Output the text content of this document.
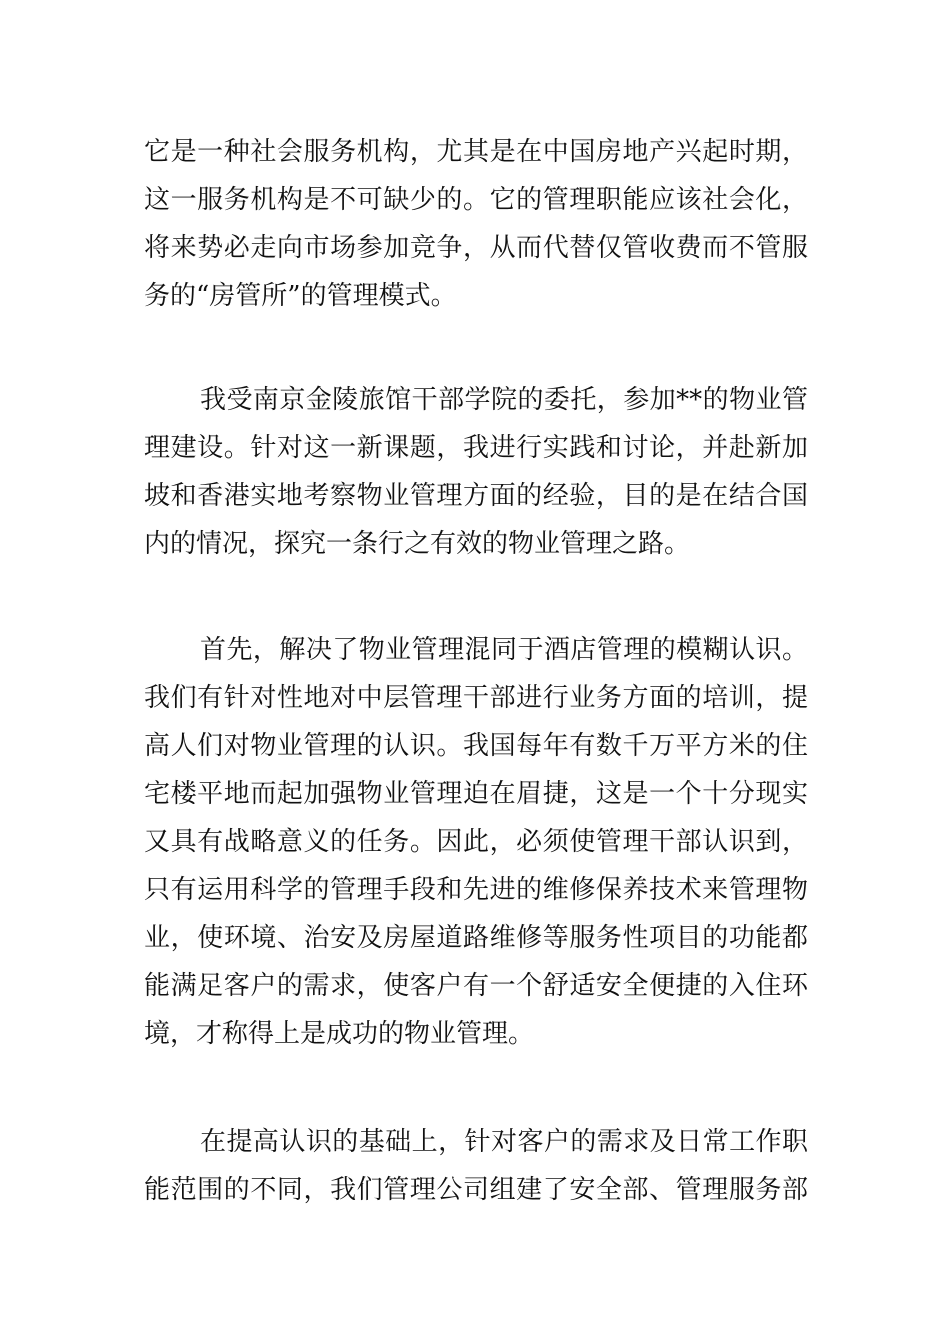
它是一种社会服务机构，尤其是在中国房地产兴起时期，
这一服务机构是不可缺少的。它的管理职能应该社会化，
将来势必走向市场参加竞争，从而代替仅管收费而不管服
务的“房管所”的管理模式。
我受南京金陵旅馆干部学院的委托，参加**的物业管
理建设。针对这一新课题，我进行实践和讨论，并赴新加
坡和香港实地考察物业管理方面的经验，目的是在结合国
内的情况，探究一条行之有效的物业管理之路。
首先，解决了物业管理混同于酒店管理的模糊认识。
我们有针对性地对中层管理干部进行业务方面的培训，提
高人们对物业管理的认识。我国每年有数千万平方米的住
宅楼平地而起加强物业管理迫在眉捷，这是一个十分现实
又具有战略意义的任务。因此，必须使管理干部认识到，
只有运用科学的管理手段和先进的维修保养技术来管理物
业，使环境、治安及房屋道路维修等服务性项目的功能都
能满足客户的需求，使客户有一个舒适安全便捷的入住环
境，才称得上是成功的物业管理。
在提高认识的基础上，针对客户的需求及日常工作职
能范围的不同，我们管理公司组建了安全部、管理服务部
